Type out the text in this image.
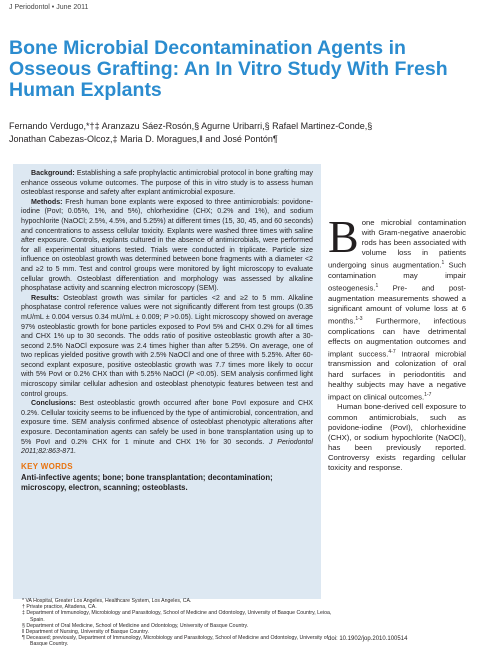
J Periodontol • June 2011
Bone Microbial Decontamination Agents in Osseous Grafting: An In Vitro Study With Fresh Human Explants
Fernando Verdugo,*†‡ Aranzazu Sáez-Rosón,§ Agurne Uribarri,§ Rafael Martinez-Conde,§
Jonathan Cabezas-Olcoz,‡ Maria D. Moragues,‖ and José Pontón¶

Background: Establishing a safe prophylactic antimicrobial protocol in bone grafting may enhance osseous volume outcomes. The purpose of this in vitro study is to assess human osteoblast response and safety after explant antimicrobial exposure.

Methods: Fresh human bone explants were exposed to three antimicrobials: povidone-iodine (PovI; 0.05%, 1%, and 5%), chlorhexidine (CHX; 0.2% and 1%), and sodium hypochlorite (NaOCl; 2.5%, 4.5%, and 5.25%) at different times (15, 30, 45, and 60 seconds) and concentrations to assess cellular toxicity. Explants were washed three times with saline after exposure. Controls, explants cultured in the absence of antimicrobials, were performed for all experimental situations tested. Trials were conducted in triplicate. Particle size influence on osteoblast growth was determined between bone fragments with a diameter <2 and ≥2 to 5 mm. Test and control groups were monitored by light microscopy to evaluate cellular growth. Osteoblast differentiation and morphology was assessed by alkaline phosphatase activity and scanning electron microscopy (SEM).

Results: Osteoblast growth was similar for particles <2 and ≥2 to 5 mm. Alkaline phosphatase control reference values were not significantly different from test groups (0.35 mU/mL ± 0.004 versus 0.34 mU/mL ± 0.009; P >0.05). Light microscopy showed on average 97% osteoblastic growth for bone particles exposed to PovI 5% and CHX 0.2% for all times and CHX 1% up to 30 seconds. The odds ratio of positive osteoblastic growth after a 30-second 2.5% NaOCl exposure was 2.4 times higher than after 5.25%. On average, one of two replicas yielded positive growth with 2.5% NaOCl and one of three with 5.25%. After 60-second explant exposure, positive osteoblastic growth was 7.7 times more likely to occur with 5% PovI or 0.2% CHX than with 5.25% NaOCl (P <0.05). SEM analysis confirmed light microscopy similar cellular adhesion and osteoblast phenotypic features between test and control groups.

Conclusions: Best osteoblastic growth occurred after bone PovI exposure and CHX 0.2%. Cellular toxicity seems to be influenced by the type of antimicrobial, concentration, and exposure time. SEM analysis confirmed absence of osteoblast phenotypic alterations after exposure. Decontamination agents can safely be used in bone transplantation using up to 5% PovI and 0.2% CHX for 1 minute and CHX 1% for 30 seconds. J Periodontol 2011;82:863-871.

KEY WORDS
Anti-infective agents; bone; bone transplantation; decontamination; microscopy, electron, scanning; osteoblasts.

Bone microbial contamination with Gram-negative anaerobic rods has been associated with volume loss in patients undergoing sinus augmentation.$^1$ Such contamination may impair osteogenesis.$^1$ Pre- and post-augmentation measurements showed a significant amount of volume loss at 6 months.$^{1-3}$ Furthermore, infectious complications can have detrimental effects on augmentation outcomes and implant success.$^{4-7}$ Intraoral microbial transmission and colonization of oral hard surfaces in periodontitis and healthy subjects may have a negative impact on clinical outcomes.$^{1-7}$

Human bone-derived cell exposure to common antimicrobials, such as povidone-iodine (PovI), chlorhexidine (CHX), or sodium hypochlorite (NaOCl), has been previously reported. Controversy exists regarding cellular toxicity and response.

* VA Hospital, Greater Los Angeles, Healthcare System, Los Angeles, CA.
† Private practice, Altadena, CA.
‡ Department of Immunology, Microbiology and Parasitology, School of Medicine and Odontology, University of Basque Country, Leioa, Spain.
§ Department of Oral Medicine, School of Medicine and Odontology, University of Basque Country.
‖ Department of Nursing, University of Basque Country.
¶ Deceased; previously, Department of Immunology, Microbiology and Parasitology, School of Medicine and Odontology, University of Basque Country.
doi: 10.1902/jop.2010.100514
